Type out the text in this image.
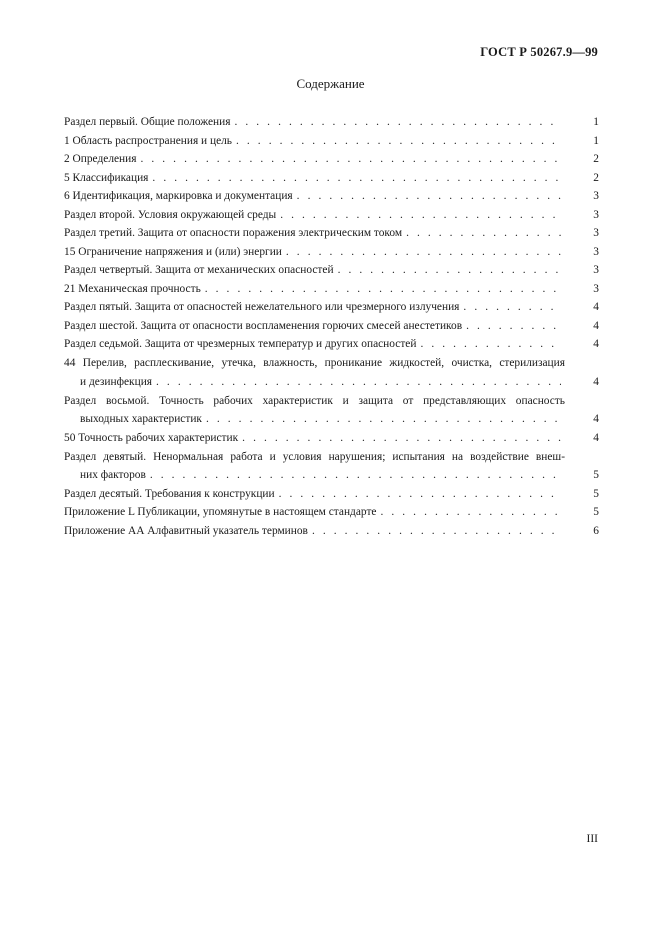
ГОСТ Р 50267.9—99
Содержание
Раздел первый. Общие положения . . .	1
1 Область распространения и цель . . .	1
2 Определения . . .	2
5 Классификация . . .	2
6 Идентификация, маркировка и документация . . .	3
Раздел второй. Условия окружающей среды . . .	3
Раздел третий. Защита от опасности поражения электрическим током . . .	3
15 Ограничение напряжения и (или) энергии . . .	3
Раздел четвертый. Защита от механических опасностей . . .	3
21 Механическая прочность . . .	3
Раздел пятый. Защита от опасностей нежелательного или чрезмерного излучения . . .	4
Раздел шестой. Защита от опасности воспламенения горючих смесей анестетиков . . .	4
Раздел седьмой. Защита от чрезмерных температур и других опасностей . . .	4
44 Перелив, расплескивание, утечка, влажность, проникание жидкостей, очистка, стерилизация
и дезинфекция . . .	4
Раздел восьмой. Точность рабочих характеристик и защита от представляющих опасность
выходных характеристик . . .	4
50 Точность рабочих характеристик . . .	4
Раздел девятый. Ненормальная работа и условия нарушения; испытания на воздействие внеш-
них факторов . . .	5
Раздел десятый. Требования к конструкции . . .	5
Приложение L Публикации, упомянутые в настоящем стандарте . . .	5
Приложение АА Алфавитный указатель терминов . . .	6
III
